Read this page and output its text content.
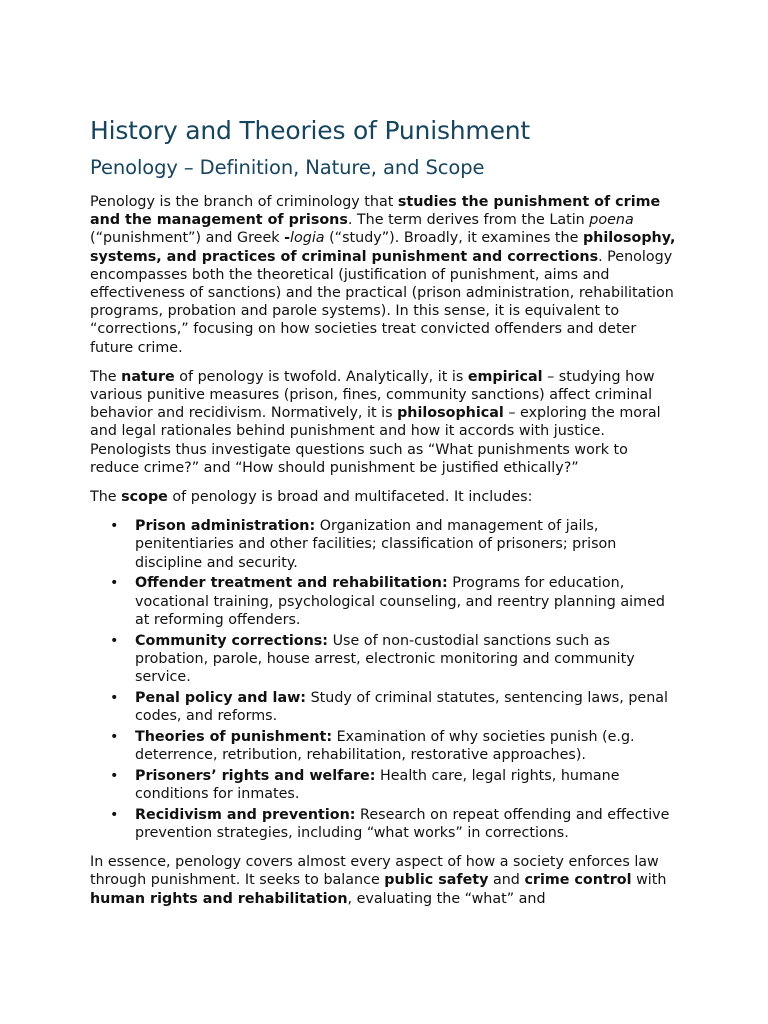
History and Theories of Punishment
Penology – Definition, Nature, and Scope

Penology is the branch of criminology that studies the punishment of crime and the management of prisons. The term derives from the Latin poena (“punishment”) and Greek -logia (“study”). Broadly, it examines the philosophy, systems, and practices of criminal punishment and corrections. Penology encompasses both the theoretical (justification of punishment, aims and effectiveness of sanctions) and the practical (prison administration, rehabilitation programs, probation and parole systems). In this sense, it is equivalent to “corrections,” focusing on how societies treat convicted offenders and deter future crime.

The nature of penology is twofold. Analytically, it is empirical – studying how various punitive measures (prison, fines, community sanctions) affect criminal behavior and recidivism. Normatively, it is philosophical – exploring the moral and legal rationales behind punishment and how it accords with justice. Penologists thus investigate questions such as “What punishments work to reduce crime?” and “How should punishment be justified ethically?”

The scope of penology is broad and multifaceted. It includes:

• Prison administration: Organization and management of jails, penitentiaries and other facilities; classification of prisoners; prison discipline and security.
• Offender treatment and rehabilitation: Programs for education, vocational training, psychological counseling, and reentry planning aimed at reforming offenders.
• Community corrections: Use of non-custodial sanctions such as probation, parole, house arrest, electronic monitoring and community service.
• Penal policy and law: Study of criminal statutes, sentencing laws, penal codes, and reforms.
• Theories of punishment: Examination of why societies punish (e.g. deterrence, retribution, rehabilitation, restorative approaches).
• Prisoners’ rights and welfare: Health care, legal rights, humane conditions for inmates.
• Recidivism and prevention: Research on repeat offending and effective prevention strategies, including “what works” in corrections.

In essence, penology covers almost every aspect of how a society enforces law through punishment. It seeks to balance public safety and crime control with human rights and rehabilitation, evaluating the “what” and
